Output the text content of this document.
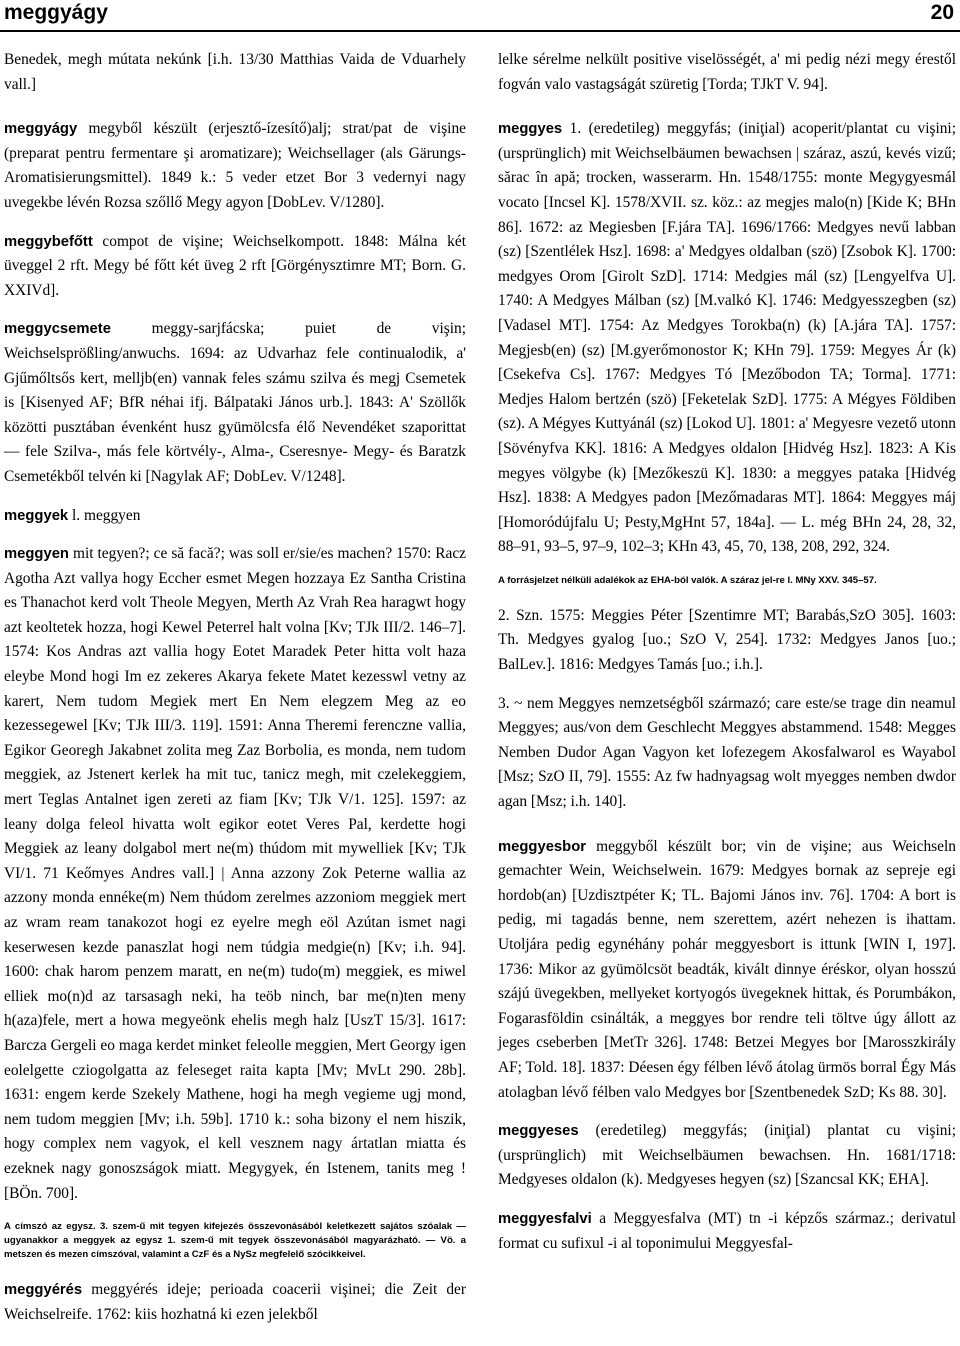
meggyágy	20

Benedek, megh mútata nekúnk [i.h. 13/30 Matthias Vaida de Vduarhely vall.]

meggyágy megyből készült (erjesztő-ízesítő)alj; strat/pat de vişine (preparat pentru fermentare şi aromatizare); Weichsellager (als Gärungs-Aromatisierungsmittel). 1849 k.: 5 veder etzet Bor 3 vedernyi nagy uvegekbe lévén Rozsa szőllő Megy agyon [DobLev. V/1280].

meggybefőtt compot de vişine; Weichselkompott. 1848: Málna két üveggel 2 rft. Megy bé főtt két üveg 2 rft [Görgénysztimre MT; Born. G. XXIVd].

meggycsemete	meggy-sarjfácska; puiet de vişin; Weichselsprößling/anwuchs. 1694: az Udvarhaz fele continualodik, a' Gjűmőltsős kert, melljb(en) vannak feles számu szilva és megj Csemetek is [Kisenyed AF; BfR néhai ifj. Bálpataki János urb.]. 1843: A' Szöllők közötti pusztában évenként husz gyümölcsfa élő Nevendéket szaporittat — fele Szilva-, más fele körtvély-, Alma-, Cseresnye- Megy- és Baratzk Csemetékből telvén ki [Nagylak AF; DobLev. V/1248].

meggyek l. meggyen

meggyen mit tegyen?; ce să facă?; was soll er/sie/es machen? 1570: Racz Agotha Azt vallya hogy Eccher esmet Megen hozzaya Ez Santha Cristina es Thanachot kerd volt Theole Megyen, Merth Az Vrah Rea haragwt hogy azt keoltetek hozza, hogi Kewel Peterrel halt volna [Kv; TJk III/2. 146–7]. 1574: Kos Andras azt vallia hogy Eotet Maradek Peter hitta volt haza eleybe Mond hogi Im ez zekeres Akarya fekete Matet kezesswl vetny az karert, Nem tudom Megiek mert En Nem elegzem Meg az eo kezessegewel [Kv; TJk III/3. 119]. 1591: Anna Theremi ferenczne vallia, Egikor Georegh Jakabnet zolita meg Zaz Borbolia, es monda, nem tudom meggiek, az Jstenert kerlek ha mit tuc, tanicz megh, mit czelekeggiem, mert Teglas Antalnet igen zereti az fiam [Kv; TJk V/1. 125]. 1597: az leany dolga feleol hivatta wolt egikor eotet Veres Pal, kerdette hogi Meggiek az leany dolgabol mert ne(m) thúdom mit mywelliek [Kv; TJk VI/1. 71 Keőmyes Andres vall.] | Anna azzony Zok Peterne wallia az azzony monda ennéke(m) Nem thúdom zerelmes azzoniom meggiek mert az wram ream tanakozot hogi ez eyelre megh eöl Azútan ismet nagi keserwesen kezde panaszlat hogi nem túdgia medgie(n) [Kv; i.h. 94]. 1600: chak harom penzem maratt, en ne(m) tudo(m) meggiek, es miwel elliek mo(n)d az tarsasagh neki, ha teöb ninch, bar me(n)ten meny h(aza)fele, mert a howa megyeönk ehelis megh halz [UszT 15/3]. 1617: Barcza Gergeli eo maga kerdet minket feleolle meggien, Mert Georgy igen eolelgette cziogolgatta az feleseget raita kapta [Mv; MvLt 290. 28b]. 1631: engem kerde Szekely Mathene, hogi ha megh vegieme ugj mond, nem tudom meggien [Mv; i.h. 59b]. 1710 k.: soha bizony el nem hiszik, hogy complex nem vagyok, el kell vesznem nagy ártatlan miatta és ezeknek nagy gonoszságok miatt. Megygyek, én Istenem, tanits meg ! [BÖn. 700].

A címszó az egysz. 3. szem-ű mit tegyen kifejezés összevonásából keletkezett sajátos szóalak — ugyanakkor a meggyek az egysz 1. szem-ű mit tegyek összevonásából magyarázható. — Vö. a metszen és mezen címszóval, valamint a CzF és a NySz megfelelő szócikkeivel.

meggyérés meggyérés ideje; perioada coacerii vişinei; die Zeit der Weichselreife. 1762: kiis hozhatná ki ezen jelekből

lelke sérelme nelkült positive viselösségét, a' mi pedig nézi megy érestől fogván valo vastagságát szüretig [Torda; TJkT V. 94].

meggyes 1. (eredetileg) meggyfás; (iniţial) acoperit/plantat cu vişini; (ursprünglich) mit Weichselbäumen bewachsen | száraz, aszú, kevés vizű; sărac în apă; trocken, wasserarm. Hn. 1548/1755: monte Megygyesmál vocato [Incsel K]. 1578/XVII. sz. köz.: az megjes malo(n) [Kide K; BHn 86]. 1672: az Megiesben [F.jára TA]. 1696/1766: Medgyes nevű labban (sz) [Szentlélek Hsz]. 1698: a' Medgyes oldalban (szö) [Zsobok K]. 1700: medgyes Orom [Girolt SzD]. 1714: Medgies mál (sz) [Lengyelfva U]. 1740: A Medgyes Málban (sz) [M.valkó K]. 1746: Medgyesszegben (sz) [Vadasel MT]. 1754: Az Medgyes Torokba(n) (k) [A.jára TA]. 1757: Megjesb(en) (sz) [M.gyerőmonostor K; KHn 79]. 1759: Megyes Ár (k) [Csekefva Cs]. 1767: Medgyes Tó [Mezőbodon TA; Torma]. 1771: Medjes Halom bertzén (szö) [Feketelak SzD]. 1775: A Mégyes Földiben (sz). A Mégyes Kuttyánál (sz) [Lokod U]. 1801: a' Megyesre vezető utonn [Sövényfva KK]. 1816: A Medgyes oldalon [Hidvég Hsz]. 1823: A Kis megyes völgybe (k) [Mezőkeszü K]. 1830: a meggyes pataka [Hidvég Hsz]. 1838: A Medgyes padon [Mezőmadaras MT]. 1864: Meggyes máj [Homoródújfalu U; Pesty,MgHnt 57, 184a]. — L. még BHn 24, 28, 32, 88–91, 93–5, 97–9, 102–3; KHn 43, 45, 70, 138, 208, 292, 324.

A forrásjelzet nélküli adalékok az EHA-ból valók. A száraz jel-re l. MNy XXV. 345–57.

2. Szn. 1575: Meggies Péter [Szentimre MT; Barabás,SzO 305]. 1603: Th. Medgyes gyalog [uo.; SzO V, 254]. 1732: Medgyes Janos [uo.; BalLev.]. 1816: Medgyes Tamás [uo.; i.h.].

3. ~ nem Meggyes nemzetségből származó; care este/se trage din neamul Meggyes; aus/von dem Geschlecht Meggyes abstammend. 1548: Megges Nemben Dudor Agan Vagyon ket lofezegem Akosfalwarol es Wayabol [Msz; SzO II, 79]. 1555: Az fw hadnyagsag wolt myegges nemben dwdor agan [Msz; i.h. 140].

meggyesbor meggyből készült bor; vin de vişine; aus Weichseln gemachter Wein, Weichselwein. 1679: Medgyes bornak az sepreje egi hordob(an) [Uzdisztpéter K; TL. Bajomi János inv. 76]. 1704: A bort is pedig, mi tagadás benne, nem szerettem, azért nehezen is ihattam. Utoljára pedig egynéhány pohár meggyesbort is ittunk [WIN I, 197]. 1736: Mikor az gyümölcsöt beadták, kivált dinnye éréskor, olyan hosszú szájú üvegekben, mellyeket kortyogós üvegeknek hittak, és Porumbákon, Fogarasföldin csinálták, a meggyes bor rendre teli töltve úgy állott az jeges cseberben [MetTr 326]. 1748: Betzei Megyes bor [Marosszkirály AF; Told. 18]. 1837: Déesen égy félben lévő átolag ürmös borral Égy Más atolagban lévő félben valo Medgyes bor [Szentbenedek SzD; Ks 88. 30].

meggyeses (eredetileg) meggyfás; (iniţial) plantat cu vişini; (ursprünglich) mit Weichselbäumen bewachsen. Hn. 1681/1718: Medgyeses oldalon (k). Medgyeses hegyen (sz) [Szancsal KK; EHA].

meggyesfalvi a Meggyesfalva (MT) tn -i képzős származ.; derivatul format cu sufixul -i al toponimului Meggyesfal-
